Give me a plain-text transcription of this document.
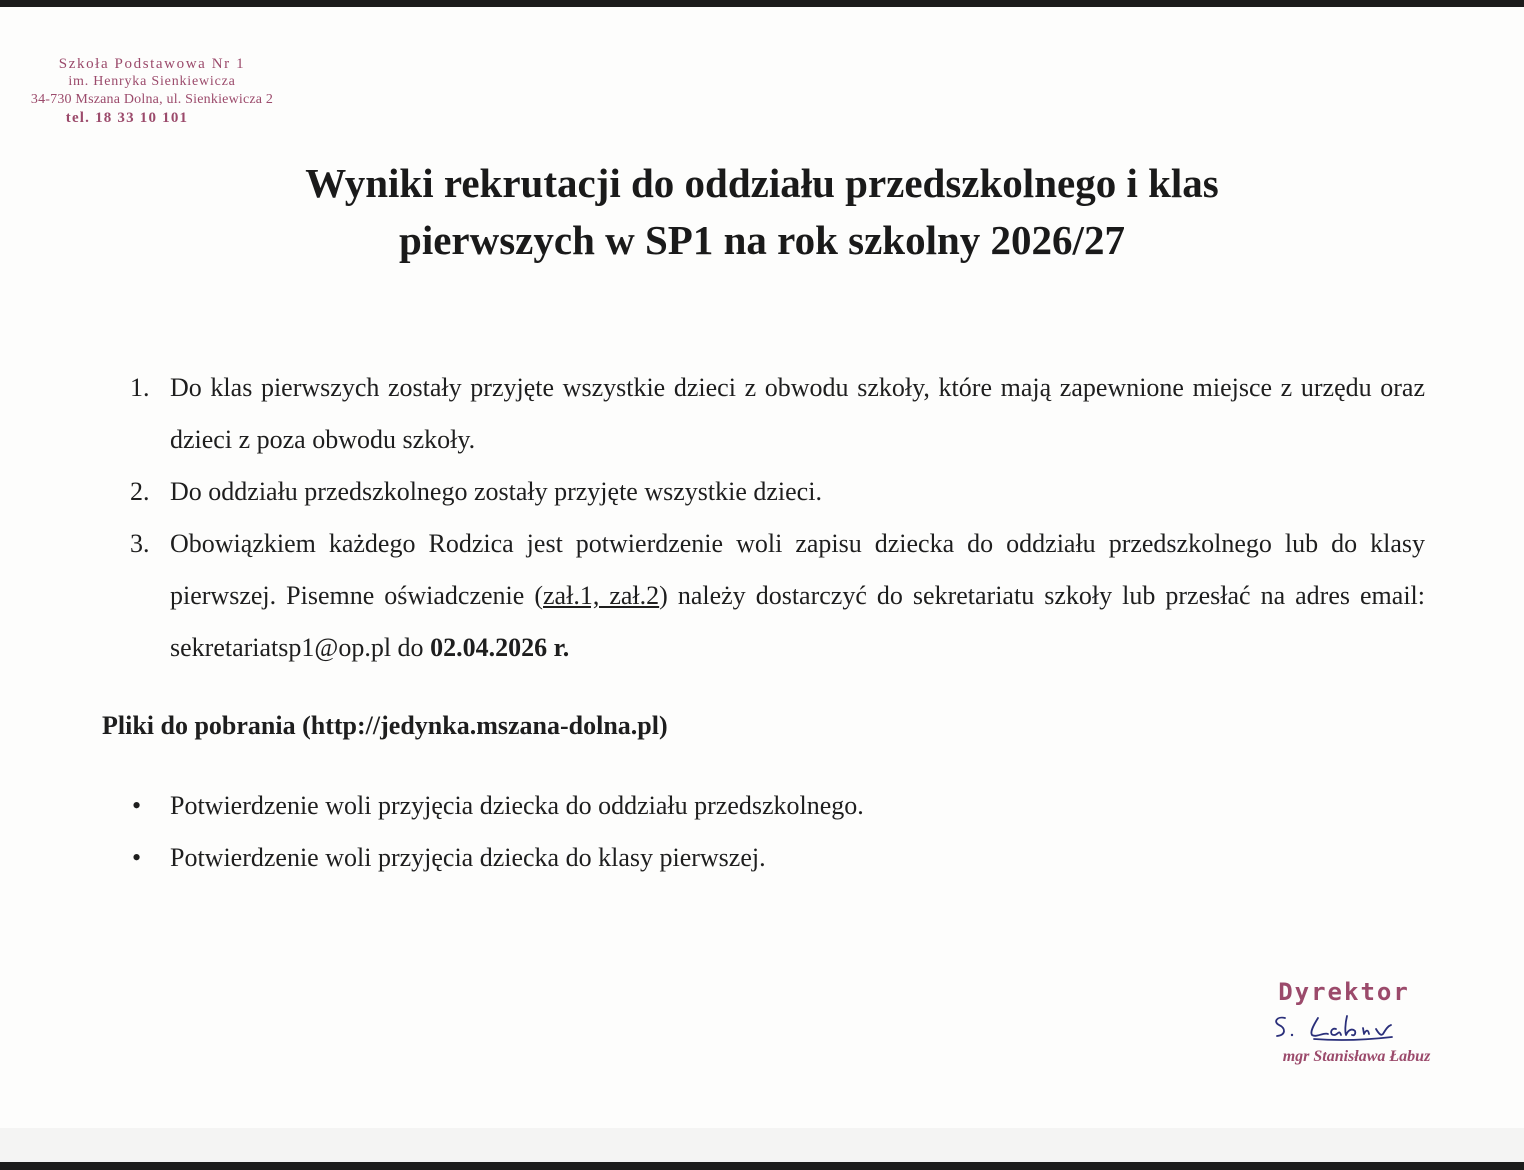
Szkoła Podstawowa Nr 1
im. Henryka Sienkiewicza
34-730 Mszana Dolna, ul. Sienkiewicza 2
tel. 18 33 10 101
Wyniki rekrutacji do oddziału przedszkolnego i klas
pierwszych w SP1 na rok szkolny 2026/27
1. Do klas pierwszych zostały przyjęte wszystkie dzieci z obwodu szkoły, które mają zapewnione miejsce z urzędu oraz dzieci z poza obwodu szkoły.
2. Do oddziału przedszkolnego zostały przyjęte wszystkie dzieci.
3. Obowiązkiem każdego Rodzica jest potwierdzenie woli zapisu dziecka do oddziału przedszkolnego lub do klasy pierwszej. Pisemne oświadczenie (zał.1, zał.2) należy dostarczyć do sekretariatu szkoły lub przesłać na adres email: sekretariatsp1@op.pl do 02.04.2026 r.
Pliki do pobrania (http://jedynka.mszana-dolna.pl)
•	Potwierdzenie woli przyjęcia dziecka do oddziału przedszkolnego.
•	Potwierdzenie woli przyjęcia dziecka do klasy pierwszej.
Dyrektor
mgr Stanisława Łabuz
